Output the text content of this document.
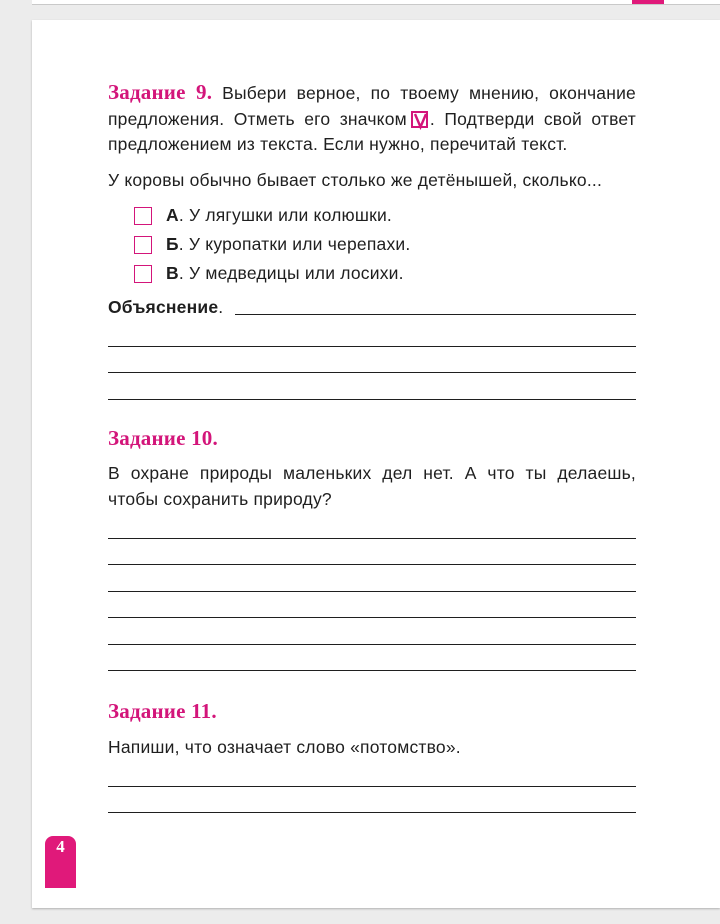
Задание 9. Выбери верное, по твоему мнению, окончание предложения. Отметь его значком . Подтверди свой ответ предложением из текста. Если нужно, перечитай текст.

У коровы обычно бывает столько же детёнышей, сколько...

А . У лягушки или колюшки.
Б . У куропатки или черепахи.
В . У медведицы или лосихи.
Объяснение .

Задание 10.

В охране природы маленьких дел нет. А что ты делаешь, чтобы сохранить природу?

Задание 11.

Напиши, что означает слово «потомство».

4
